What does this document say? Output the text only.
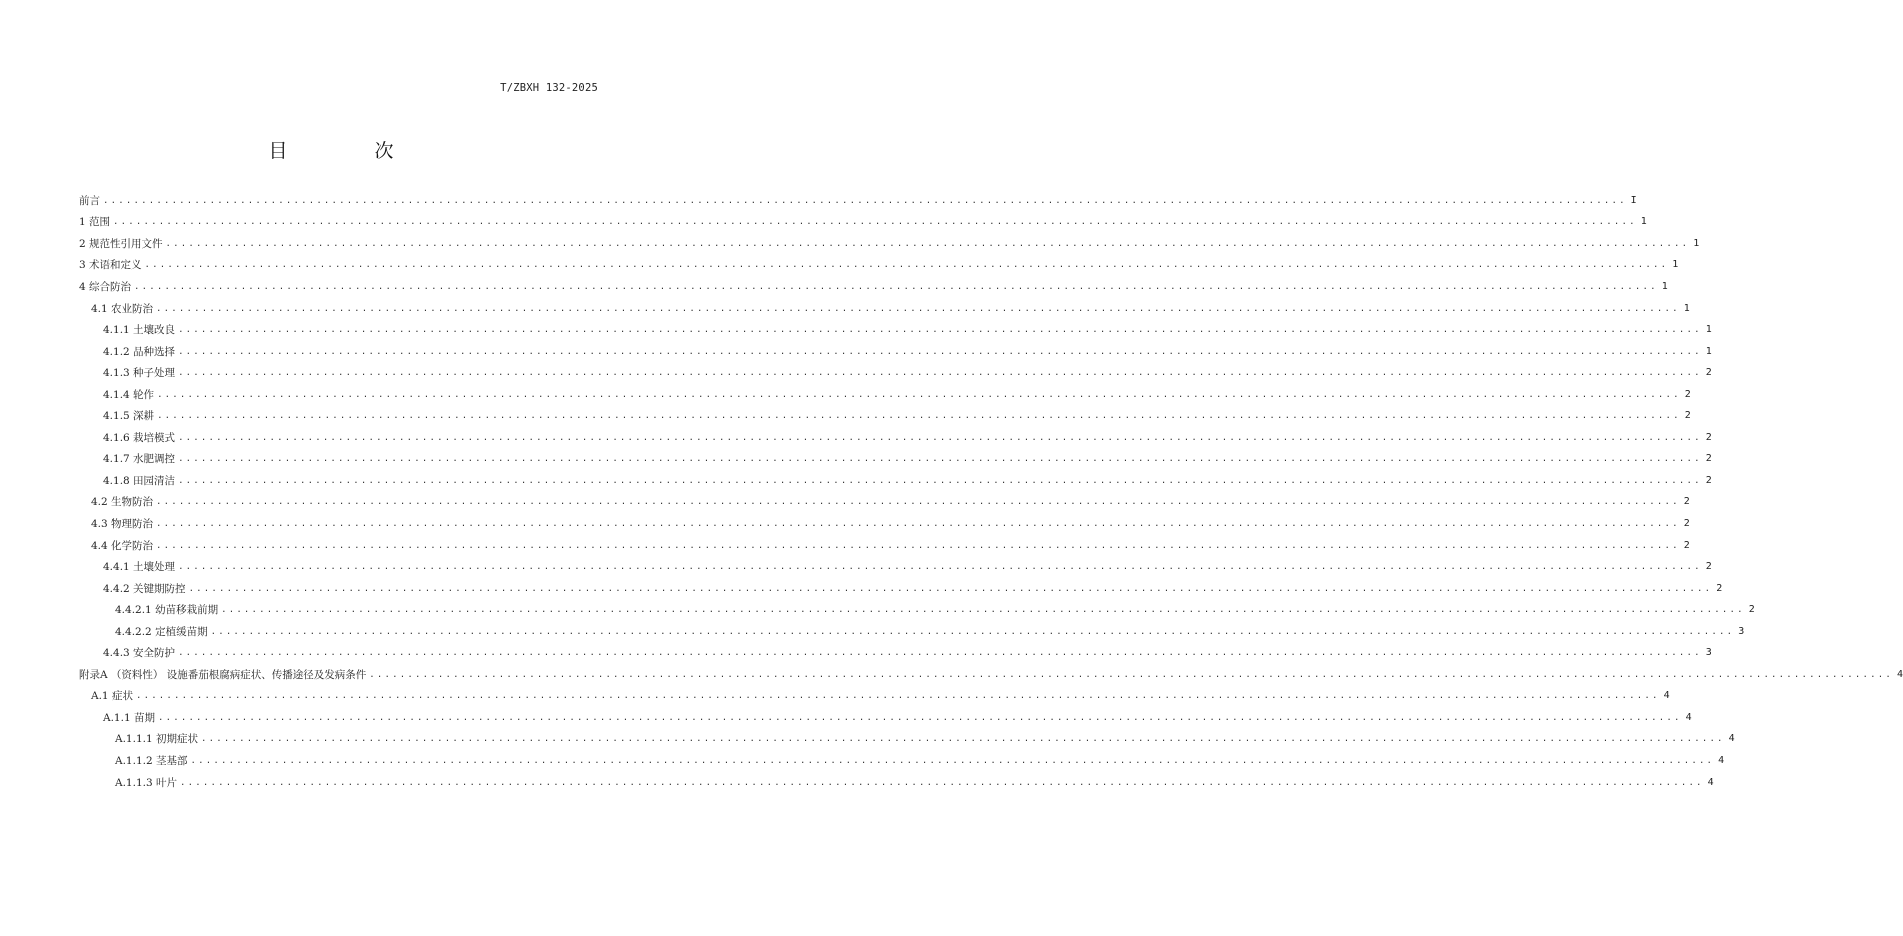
T/ZBXH 132-2025
目　次
前言 ........................................................................................................................................................................................................ I
1 范围 ........................................................................................................................................................................................................ 1
2 规范性引用文件 ........................................................................................................................................................................................................ 1
3 术语和定义 ........................................................................................................................................................................................................ 1
4 综合防治 ........................................................................................................................................................................................................ 1
4.1 农业防治 ........................................................................................................................................................................................................ 1
4.1.1 土壤改良 ........................................................................................................................................................................................................ 1
4.1.2 品种选择 ........................................................................................................................................................................................................ 1
4.1.3 种子处理 ........................................................................................................................................................................................................ 2
4.1.4 轮作 ........................................................................................................................................................................................................ 2
4.1.5 深耕 ........................................................................................................................................................................................................ 2
4.1.6 栽培模式 ........................................................................................................................................................................................................ 2
4.1.7 水肥调控 ........................................................................................................................................................................................................ 2
4.1.8 田园清洁 ........................................................................................................................................................................................................ 2
4.2 生物防治 ........................................................................................................................................................................................................ 2
4.3 物理防治 ........................................................................................................................................................................................................ 2
4.4 化学防治 ........................................................................................................................................................................................................ 2
4.4.1 土壤处理 ........................................................................................................................................................................................................ 2
4.4.2 关键期防控 ........................................................................................................................................................................................................ 2
4.4.2.1 幼苗移栽前期 ........................................................................................................................................................................................................ 2
4.4.2.2 定植缓苗期 ........................................................................................................................................................................................................ 3
4.4.3 安全防护 ........................................................................................................................................................................................................ 3
附录A （资料性） 设施番茄根腐病症状、传播途径及发病条件 ........................................................................................................................................................................................................ 4
A.1 症状 ........................................................................................................................................................................................................ 4
A.1.1 苗期 ........................................................................................................................................................................................................ 4
A.1.1.1 初期症状 ........................................................................................................................................................................................................ 4
A.1.1.2 茎基部 ........................................................................................................................................................................................................ 4
A.1.1.3 叶片 ........................................................................................................................................................................................................ 4
